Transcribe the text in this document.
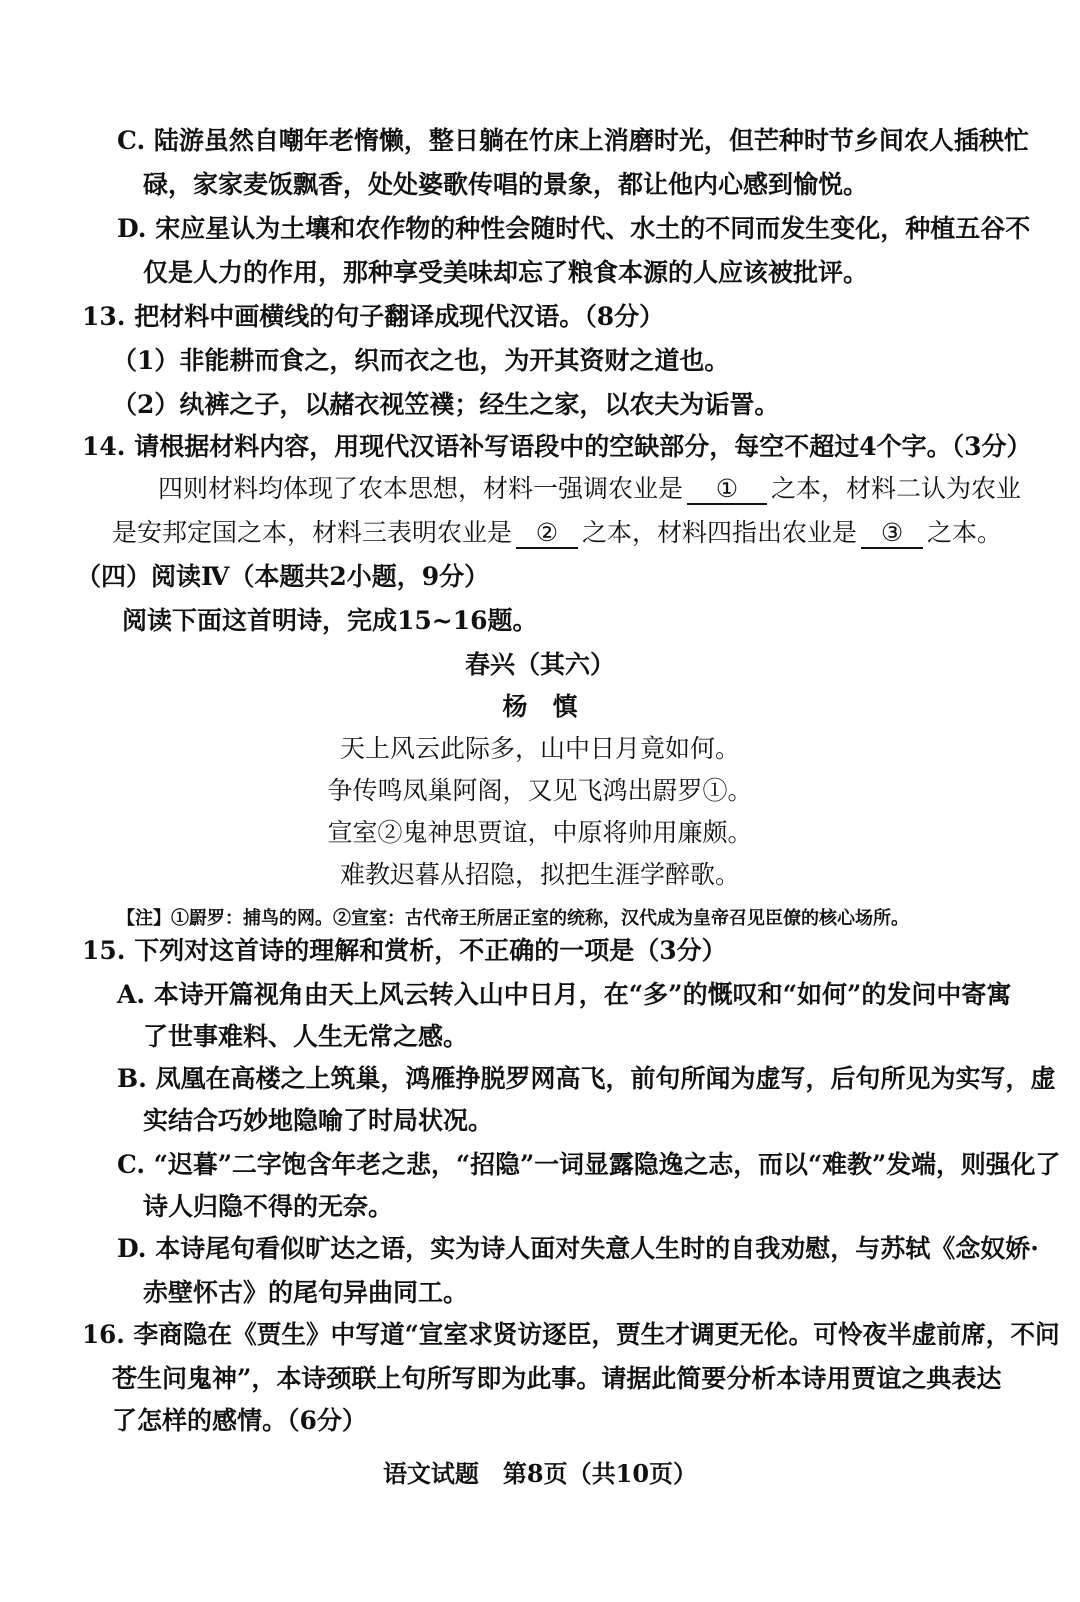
C. 陆游虽然自嘲年老惰懒，整日躺在竹床上消磨时光，但芒种时节乡间农人插秧忙
碌，家家麦饭飘香，处处婆歌传唱的景象，都让他内心感到愉悦。
D. 宋应星认为土壤和农作物的种性会随时代、水土的不同而发生变化，种植五谷不
仅是人力的作用，那种享受美味却忘了粮食本源的人应该被批评。
13. 把材料中画横线的句子翻译成现代汉语。（8分）
（1）非能耕而食之，织而衣之也，为开其资财之道也。
（2）纨裤之子，以赭衣视笠襆；经生之家，以农夫为诟詈。
14. 请根据材料内容，用现代汉语补写语段中的空缺部分，每空不超过4个字。（3分）
四则材料均体现了农本思想，材料一强调农业是 ① 之本，材料二认为农业
是安邦定国之本，材料三表明农业是 ② 之本，材料四指出农业是 ③ 之本。
（四）阅读Ⅳ（本题共2小题，9分）
阅读下面这首明诗，完成15~16题。
春兴（其六）
杨　慎
天上风云此际多，山中日月竟如何。
争传鸣凤巢阿阁，又见飞鸿出罻罗①。
宣室②鬼神思贾谊，中原将帅用廉颇。
难教迟暮从招隐，拟把生涯学醉歌。
【注】①罻罗：捕鸟的网。②宣室：古代帝王所居正室的统称，汉代成为皇帝召见臣僚的核心场所。
15. 下列对这首诗的理解和赏析，不正确的一项是（3分）
A. 本诗开篇视角由天上风云转入山中日月，在“多”的慨叹和“如何”的发问中寄寓
了世事难料、人生无常之感。
B. 凤凰在高楼之上筑巢，鸿雁挣脱罗网高飞，前句所闻为虚写，后句所见为实写，虚
实结合巧妙地隐喻了时局状况。
C. “迟暮”二字饱含年老之悲，“招隐”一词显露隐逸之志，而以“难教”发端，则强化了
诗人归隐不得的无奈。
D. 本诗尾句看似旷达之语，实为诗人面对失意人生时的自我劝慰，与苏轼《念奴娇·
赤壁怀古》的尾句异曲同工。
16. 李商隐在《贾生》中写道“宣室求贤访逐臣，贾生才调更无伦。可怜夜半虚前席，不问
苍生问鬼神”，本诗颈联上句所写即为此事。请据此简要分析本诗用贾谊之典表达
了怎样的感情。（6分）
语文试题　第8页（共10页）
